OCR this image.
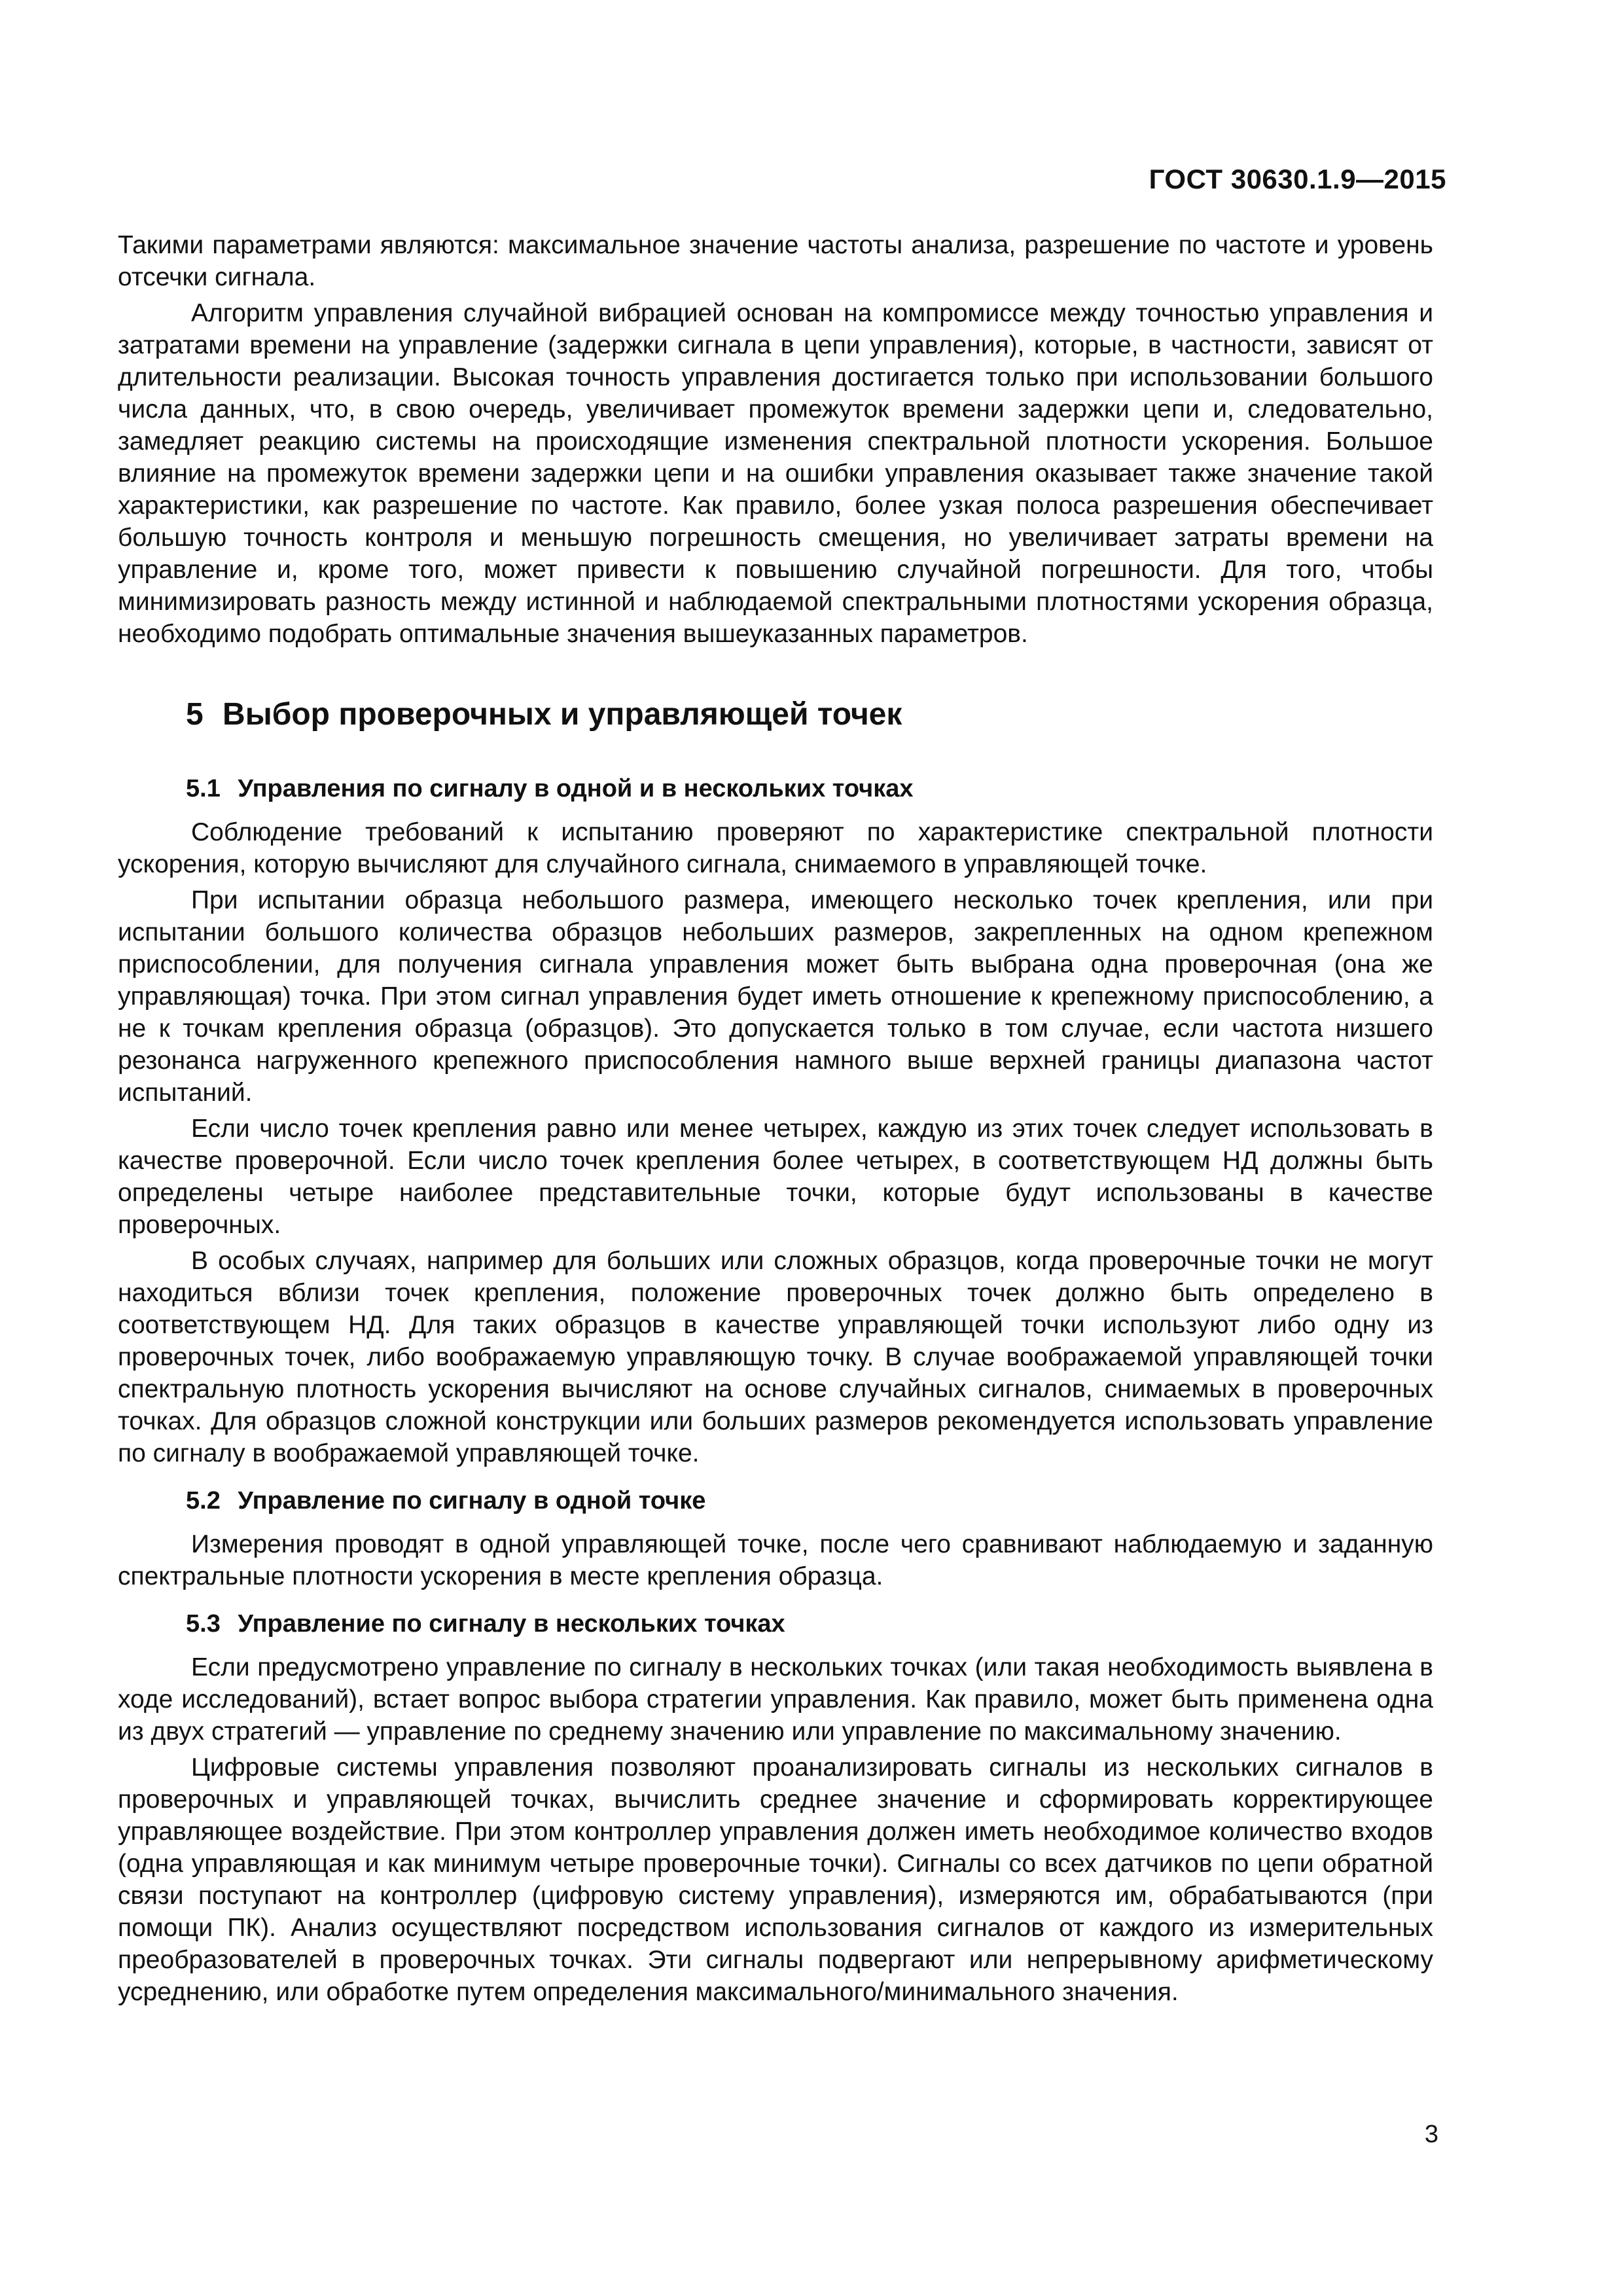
ГОСТ 30630.1.9—2015

Такими параметрами являются: максимальное значение частоты анализа, разрешение по частоте и уровень отсечки сигнала.

Алгоритм управления случайной вибрацией основан на компромиссе между точностью управления и затратами времени на управление (задержки сигнала в цепи управления), которые, в частности, зависят от длительности реализации. Высокая точность управления достигается только при использовании большого числа данных, что, в свою очередь, увеличивает промежуток времени задержки цепи и, следовательно, замедляет реакцию системы на происходящие изменения спектральной плотности ускорения. Большое влияние на промежуток времени задержки цепи и на ошибки управления оказывает также значение такой характеристики, как разрешение по частоте. Как правило, более узкая полоса разрешения обеспечивает большую точность контроля и меньшую погрешность смещения, но увеличивает затраты времени на управление и, кроме того, может привести к повышению случайной погрешности. Для того, чтобы минимизировать разность между истинной и наблюдаемой спектральными плотностями ускорения образца, необходимо подобрать оптимальные значения вышеуказанных параметров.

5 Выбор проверочных и управляющей точек
5.1 Управления по сигналу в одной и в нескольких точках

Соблюдение требований к испытанию проверяют по характеристике спектральной плотности ускорения, которую вычисляют для случайного сигнала, снимаемого в управляющей точке.

При испытании образца небольшого размера, имеющего несколько точек крепления, или при испытании большого количества образцов небольших размеров, закрепленных на одном крепежном приспособлении, для получения сигнала управления может быть выбрана одна проверочная (она же управляющая) точка. При этом сигнал управления будет иметь отношение к крепежному приспособлению, а не к точкам крепления образца (образцов). Это допускается только в том случае, если частота низшего резонанса нагруженного крепежного приспособления намного выше верхней границы диапазона частот испытаний.

Если число точек крепления равно или менее четырех, каждую из этих точек следует использовать в качестве проверочной. Если число точек крепления более четырех, в соответствующем НД должны быть определены четыре наиболее представительные точки, которые будут использованы в качестве проверочных.

В особых случаях, например для больших или сложных образцов, когда проверочные точки не могут находиться вблизи точек крепления, положение проверочных точек должно быть определено в соответствующем НД. Для таких образцов в качестве управляющей точки используют либо одну из проверочных точек, либо воображаемую управляющую точку. В случае воображаемой управляющей точки спектральную плотность ускорения вычисляют на основе случайных сигналов, снимаемых в проверочных точках. Для образцов сложной конструкции или больших размеров рекомендуется использовать управление по сигналу в воображаемой управляющей точке.

5.2 Управление по сигналу в одной точке

Измерения проводят в одной управляющей точке, после чего сравнивают наблюдаемую и заданную спектральные плотности ускорения в месте крепления образца.

5.3 Управление по сигналу в нескольких точках

Если предусмотрено управление по сигналу в нескольких точках (или такая необходимость выявлена в ходе исследований), встает вопрос выбора стратегии управления. Как правило, может быть применена одна из двух стратегий — управление по среднему значению или управление по максимальному значению.

Цифровые системы управления позволяют проанализировать сигналы из нескольких сигналов в проверочных и управляющей точках, вычислить среднее значение и сформировать корректирующее управляющее воздействие. При этом контроллер управления должен иметь необходимое количество входов (одна управляющая и как минимум четыре проверочные точки). Сигналы со всех датчиков по цепи обратной связи поступают на контроллер (цифровую систему управления), измеряются им, обрабатываются (при помощи ПК). Анализ осуществляют посредством использования сигналов от каждого из измерительных преобразователей в проверочных точках. Эти сигналы подвергают или непрерывному арифметическому усреднению, или обработке путем определения максимального/минимального значения.

3
